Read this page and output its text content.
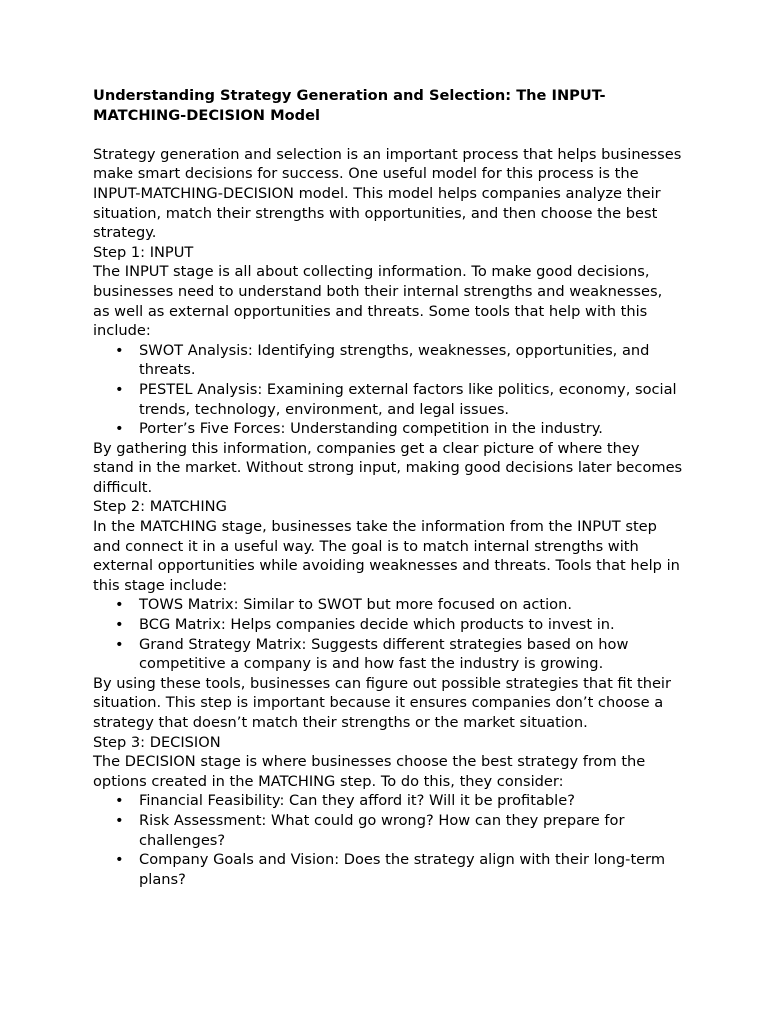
Understanding Strategy Generation and Selection: The INPUT-MATCHING-DECISION Model

Strategy generation and selection is an important process that helps businesses make smart decisions for success. One useful model for this process is the INPUT-MATCHING-DECISION model. This model helps companies analyze their situation, match their strengths with opportunities, and then choose the best strategy.

Step 1: INPUT

The INPUT stage is all about collecting information. To make good decisions, businesses need to understand both their internal strengths and weaknesses, as well as external opportunities and threats. Some tools that help with this include:

• SWOT Analysis: Identifying strengths, weaknesses, opportunities, and threats.
• PESTEL Analysis: Examining external factors like politics, economy, social trends, technology, environment, and legal issues.
• Porter’s Five Forces: Understanding competition in the industry.

By gathering this information, companies get a clear picture of where they stand in the market. Without strong input, making good decisions later becomes difficult.

Step 2: MATCHING

In the MATCHING stage, businesses take the information from the INPUT step and connect it in a useful way. The goal is to match internal strengths with external opportunities while avoiding weaknesses and threats. Tools that help in this stage include:

• TOWS Matrix: Similar to SWOT but more focused on action.
• BCG Matrix: Helps companies decide which products to invest in.
• Grand Strategy Matrix: Suggests different strategies based on how competitive a company is and how fast the industry is growing.

By using these tools, businesses can figure out possible strategies that fit their situation. This step is important because it ensures companies don’t choose a strategy that doesn’t match their strengths or the market situation.

Step 3: DECISION

The DECISION stage is where businesses choose the best strategy from the options created in the MATCHING step. To do this, they consider:

• Financial Feasibility: Can they afford it? Will it be profitable?
• Risk Assessment: What could go wrong? How can they prepare for challenges?
• Company Goals and Vision: Does the strategy align with their long-term plans?
